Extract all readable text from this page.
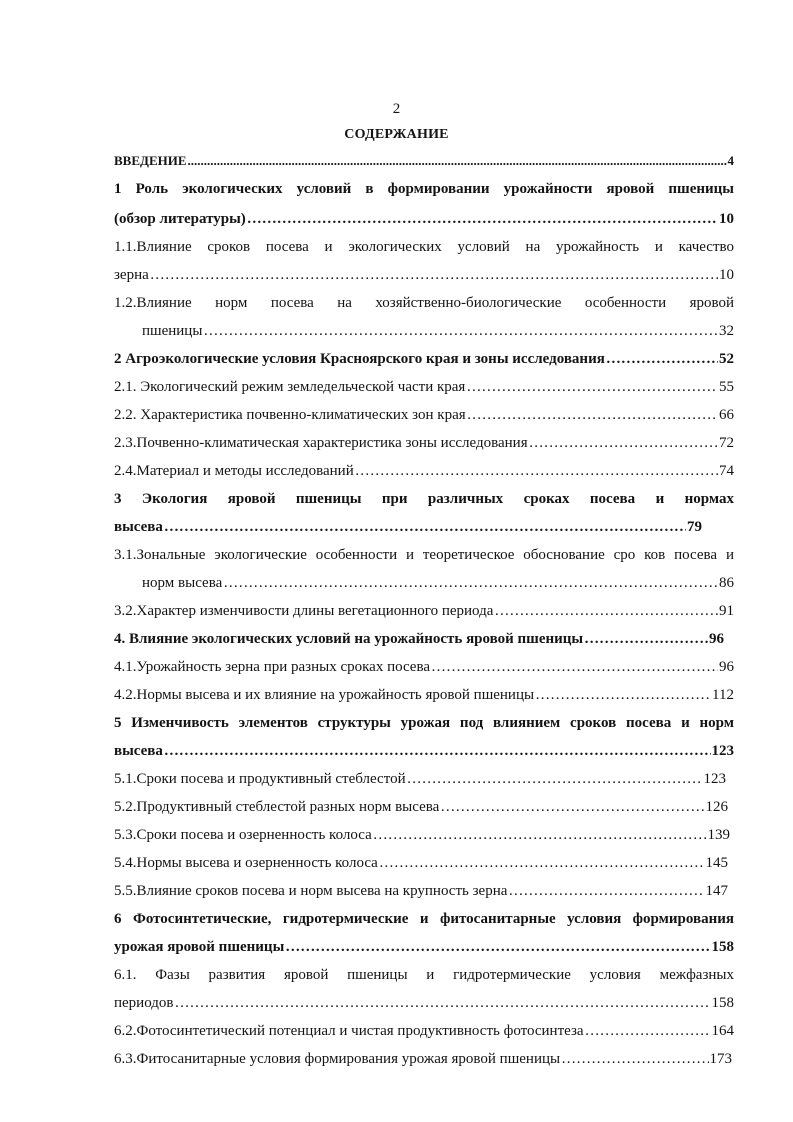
2
СОДЕРЖАНИЕ
ВВЕДЕНИЕ .....	4
1 Роль экологических условий в формировании урожайности яровой пшеницы
(обзор литературы) ……………………………………………………………………………………………………………………………………………………………………………………	10
1.1.Влияние сроков посева и экологических условий на урожайность и качество
зерна ……………………………………………………………………………………………………………………………………………………………………………………	10
1.2.Влияние норм посева на хозяйственно-биологические особенности яровой
пшеницы ……………………………………………………………………………………………………………………………………………………………………………………	32
2 Агроэкологические условия Красноярского края и зоны исследования ……………………………………………………………………………………………………………………………………………………………………………………	52
2.1. Экологический режим земледельческой части края ……………………………………………………………………………………………………………………………………………………………………………………	55
2.2. Характеристика почвенно-климатических зон края ……………………………………………………………………………………………………………………………………………………………………………………	66
2.3.Почвенно-климатическая характеристика зоны исследования ……………………………………………………………………………………………………………………………………………………………………………………	72
2.4.Материал и методы исследований ……………………………………………………………………………………………………………………………………………………………………………………	74
3 Экология яровой пшеницы при различных сроках посева и нормах
высева ……………………………………………………………………………………………………………………………………………………………………………………	79
3.1.Зональные экологические особенности и теоретическое обоснование сро ков посева и
норм высева ……………………………………………………………………………………………………………………………………………………………………………………	86
3.2.Характер изменчивости длины вегетационного периода ……………………………………………………………………………………………………………………………………………………………………………………	91
4. Влияние экологических условий на урожайность яровой пшеницы ……………………………………………………………………………………………………………………………………………………………………………………	96
4.1.Урожайность зерна при разных сроках посева ……………………………………………………………………………………………………………………………………………………………………………………	96
4.2.Нормы высева и их влияние на урожайность яровой пшеницы ……………………………………………………………………………………………………………………………………………………………………………………	112
5 Изменчивость элементов структуры урожая под влиянием сроков посева и норм
высева ……………………………………………………………………………………………………………………………………………………………………………………	123
5.1.Сроки посева и продуктивный стеблестой ……………………………………………………………………………………………………………………………………………………………………………………	123
5.2.Продуктивный стеблестой разных норм высева ……………………………………………………………………………………………………………………………………………………………………………………	126
5.3.Сроки посева и озерненность колоса ……………………………………………………………………………………………………………………………………………………………………………………	139
5.4.Нормы высева и озерненность колоса ……………………………………………………………………………………………………………………………………………………………………………………	145
5.5.Влияние сроков посева и норм высева на крупность зерна ……………………………………………………………………………………………………………………………………………………………………………………	147
6 Фотосинтетические, гидротермические и фитосанитарные условия формирования
урожая яровой пшеницы ……………………………………………………………………………………………………………………………………………………………………………………	158
6.1. Фазы развития яровой пшеницы и гидротермические условия межфазных
периодов ……………………………………………………………………………………………………………………………………………………………………………………	158
6.2.Фотосинтетический потенциал и чистая продуктивность фотосинтеза ……………………………………………………………………………………………………………………………………………………………………………………	164
6.3.Фитосанитарные условия формирования урожая яровой пшеницы ……………………………………………………………………………………………………………………………………………………………………………………	173
